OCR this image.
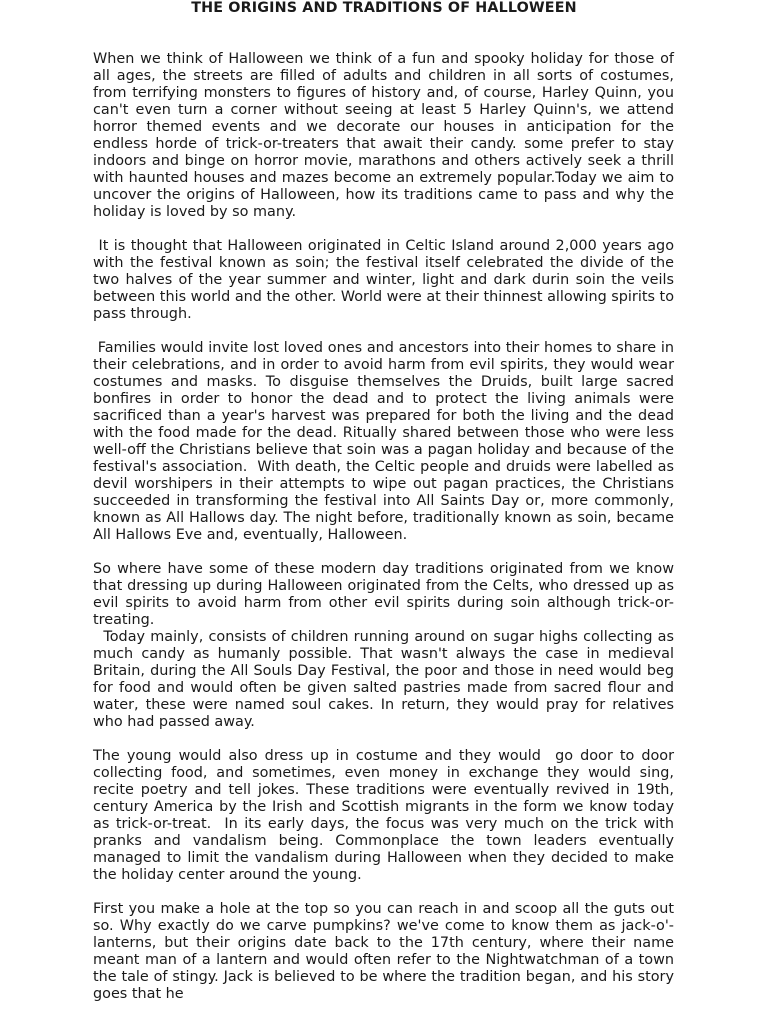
THE ORIGINS AND TRADITIONS OF HALLOWEEN

When we think of Halloween we think of a fun and spooky holiday for those of all ages, the streets are filled of adults and children in all sorts of costumes, from terrifying monsters to figures of history and, of course, Harley Quinn, you can't even turn a corner without seeing at least 5 Harley Quinn's, we attend horror themed events and we decorate our houses in anticipation for the endless horde of trick-or-treaters that await their candy. some prefer to stay indoors and binge on horror movie, marathons and others actively seek a thrill with haunted houses and mazes become an extremely popular.Today we aim to uncover the origins of Halloween, how its traditions came to pass and why the holiday is loved by so many.

It is thought that Halloween originated in Celtic Island around 2,000 years ago with the festival known as soin; the festival itself celebrated the divide of the two halves of the year summer and winter, light and dark durin soin the veils between this world and the other. World were at their thinnest allowing spirits to pass through.

Families would invite lost loved ones and ancestors into their homes to share in their celebrations, and in order to avoid harm from evil spirits, they would wear costumes and masks. To disguise themselves the Druids, built large sacred bonfires in order to honor the dead and to protect the living animals were sacrificed than a year's harvest was prepared for both the living and the dead  with the food made for the dead. Ritually shared between those who were less well-off the Christians believe that soin was a pagan holiday and because of the festival's association.  With death, the Celtic people and druids were labelled as devil worshipers in their attempts to wipe out pagan practices, the Christians succeeded in transforming the festival into All Saints Day or, more commonly, known as All Hallows day. The night before, traditionally known as soin, became All Hallows Eve and, eventually, Halloween.

So where have some of these modern day traditions originated from we know that dressing up during Halloween originated from the Celts, who dressed up as evil spirits to avoid harm from other evil spirits during soin although trick-or-treating.

Today mainly, consists of children running around on sugar highs collecting as much candy as humanly possible. That wasn't always the case in medieval Britain, during the All Souls Day Festival, the poor and those in need would beg for food and would often be given salted pastries made from sacred flour and water, these were named soul cakes. In return, they would pray for relatives who had passed away.

The young would also dress up in costume and they would  go door to door collecting food, and sometimes, even money in exchange they would sing, recite poetry and tell jokes. These traditions were eventually revived in 19th, century America by the Irish and Scottish migrants in the form we know today as trick-or-treat.  In its early days, the focus was very much on the trick with pranks and vandalism being. Commonplace the town leaders eventually managed to limit the vandalism during Halloween when they decided to make the holiday center around the young.

First you make a hole at the top so you can reach in and scoop all the guts out so. Why exactly do we carve pumpkins? we've come to know them as jack-o'-lanterns, but their origins date back to the 17th century, where their name meant man of a lantern and would often refer to the Nightwatchman of a town the tale of stingy. Jack is believed to be where the tradition began, and his story goes that he
